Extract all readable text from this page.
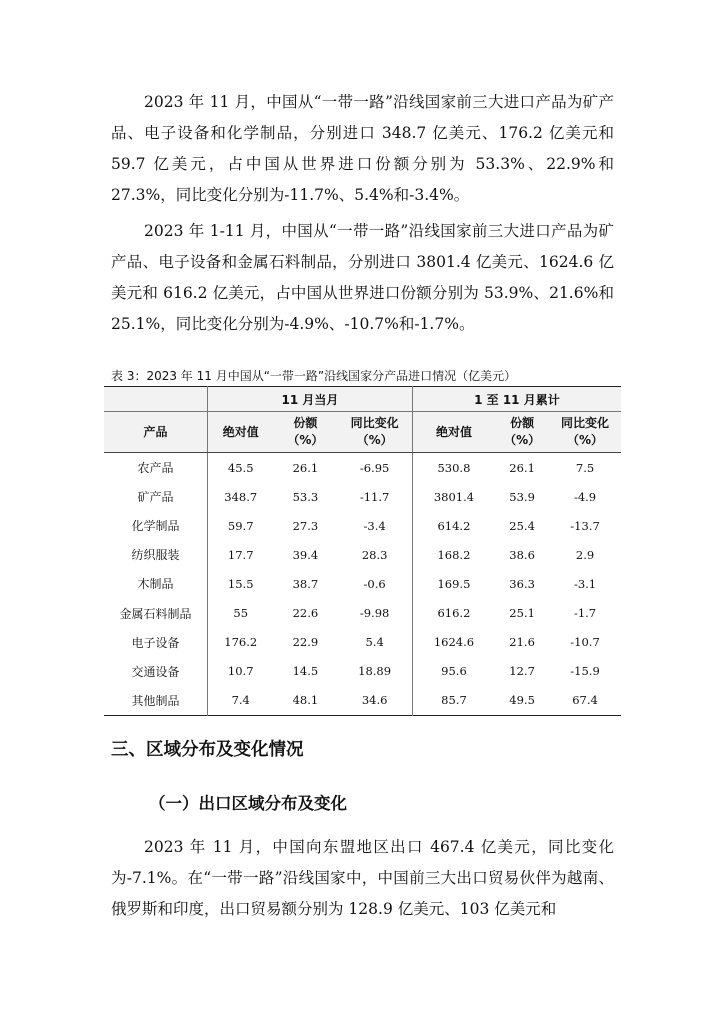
2023 年 11 月，中国从“一带一路”沿线国家前三大进口产品为矿产品、电子设备和化学制品，分别进口 348.7 亿美元、176.2 亿美元和 59.7 亿美元，占中国从世界进口份额分别为 53.3%、22.9%和 27.3%，同比变化分别为-11.7%、5.4%和-3.4%。

2023 年 1-11 月，中国从“一带一路”沿线国家前三大进口产品为矿产品、电子设备和金属石料制品，分别进口 3801.4 亿美元、1624.6 亿美元和 616.2 亿美元，占中国从世界进口份额分别为 53.9%、21.6%和 25.1%，同比变化分别为-4.9%、-10.7%和-1.7%。

表 3：2023 年 11 月中国从“一带一路”沿线国家分产品进口情况（亿美元）
	11 月当月			1 至 11 月累计		
产品	绝对值	份额（%）	同比变化（%）	绝对值	份额（%）	同比变化（%）
农产品	45.5	26.1	-6.95	530.8	26.1	7.5
矿产品	348.7	53.3	-11.7	3801.4	53.9	-4.9
化学制品	59.7	27.3	-3.4	614.2	25.4	-13.7
纺织服装	17.7	39.4	28.3	168.2	38.6	2.9
木制品	15.5	38.7	-0.6	169.5	36.3	-3.1
金属石料制品	55	22.6	-9.98	616.2	25.1	-1.7
电子设备	176.2	22.9	5.4	1624.6	21.6	-10.7
交通设备	10.7	14.5	18.89	95.6	12.7	-15.9
其他制品	7.4	48.1	34.6	85.7	49.5	67.4
三、区域分布及变化情况
（一）出口区域分布及变化

2023 年 11 月，中国向东盟地区出口 467.4 亿美元，同比变化为-7.1%。在“一带一路”沿线国家中，中国前三大出口贸易伙伴为越南、俄罗斯和印度，出口贸易额分别为 128.9 亿美元、103 亿美元和
